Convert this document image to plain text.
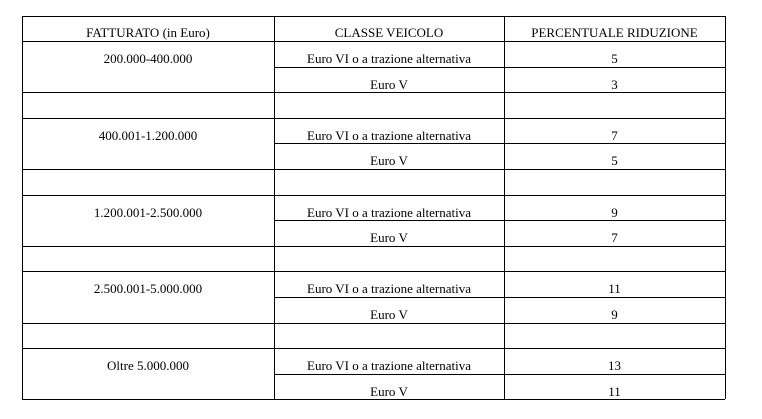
FATTURATO (in Euro)	CLASSE VEICOLO	PERCENTUALE RIDUZIONE
200.000-400.000	Euro VI o a trazione alternativa	5
Euro V	3
400.001-1.200.000	Euro VI o a trazione alternativa	7
Euro V	5
1.200.001-2.500.000	Euro VI o a trazione alternativa	9
Euro V	7
2.500.001-5.000.000	Euro VI o a trazione alternativa	11
Euro V	9
Oltre 5.000.000	Euro VI o a trazione alternativa	13
Euro V	11
